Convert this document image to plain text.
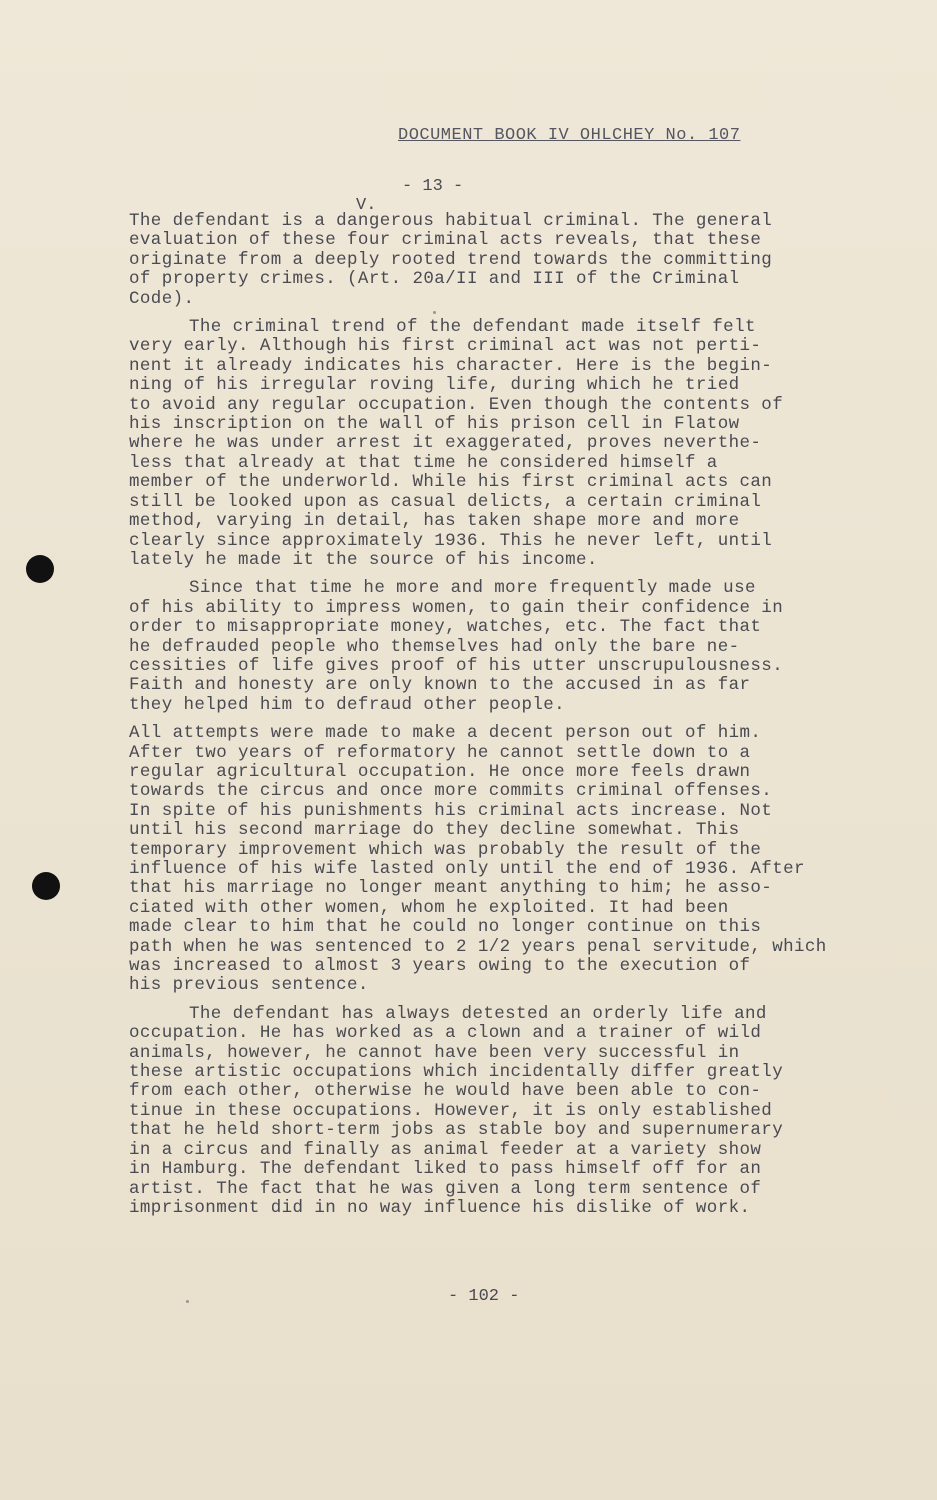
DOCUMENT BOOK IV OHLCHEY No. 107
- 13 -
V.
The defendant is a dangerous habitual criminal. The general
evaluation of these four criminal acts reveals, that these
originate from a deeply rooted trend towards the committing
of property crimes. (Art. 20a/II and III of the Criminal
Code).
The criminal trend of the defendant made itself felt
very early. Although his first criminal act was not perti-
nent it already indicates his character. Here is the begin-
ning of his irregular roving life, during which he tried
to avoid any regular occupation. Even though the contents of
his inscription on the wall of his prison cell in Flatow
where he was under arrest it exaggerated, proves neverthe-
less that already at that time he considered himself a
member of the underworld. While his first criminal acts can
still be looked upon as casual delicts, a certain criminal
method, varying in detail, has taken shape more and more
clearly since approximately 1936. This he never left, until
lately he made it the source of his income.
Since that time he more and more frequently made use
of his ability to impress women, to gain their confidence in
order to misappropriate money, watches, etc. The fact that
he defrauded people who themselves had only the bare ne-
cessities of life gives proof of his utter unscrupulousness.
Faith and honesty are only known to the accused in as far
they helped him to defraud other people.
All attempts were made to make a decent person out of him.
After two years of reformatory he cannot settle down to a
regular agricultural occupation. He once more feels drawn
towards the circus and once more commits criminal offenses.
In spite of his punishments his criminal acts increase. Not
until his second marriage do they decline somewhat. This
temporary improvement which was probably the result of the
influence of his wife lasted only until the end of 1936. After
that his marriage no longer meant anything to him; he asso-
ciated with other women, whom he exploited. It had been
made clear to him that he could no longer continue on this
path when he was sentenced to 2 1/2 years penal servitude, which
was increased to almost 3 years owing to the execution of
his previous sentence.
The defendant has always detested an orderly life and
occupation. He has worked as a clown and a trainer of wild
animals, however, he cannot have been very successful in
these artistic occupations which incidentally differ greatly
from each other, otherwise he would have been able to con-
tinue in these occupations. However, it is only established
that he held short-term jobs as stable boy and supernumerary
in a circus and finally as animal feeder at a variety show
in Hamburg. The defendant liked to pass himself off for an
artist. The fact that he was given a long term sentence of
imprisonment did in no way influence his dislike of work.
- 102 -
